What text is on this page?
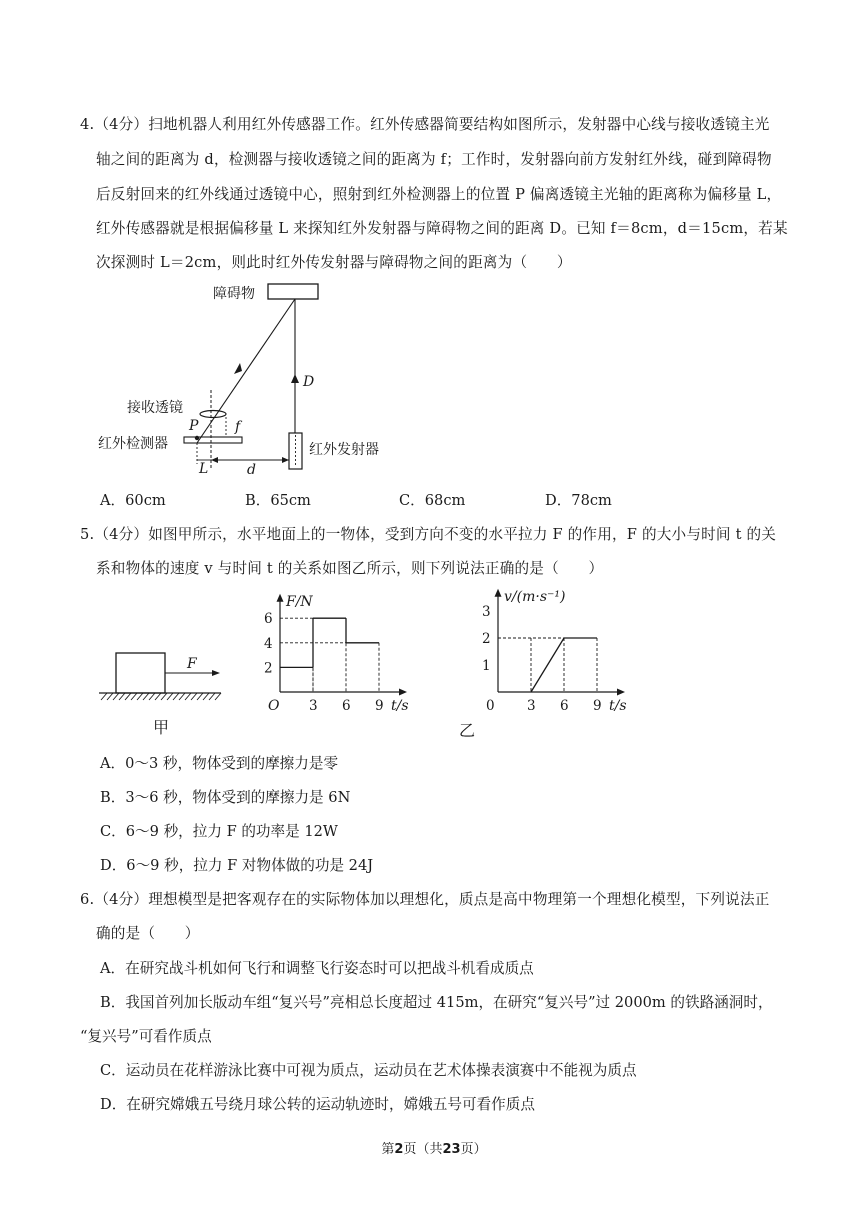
4.（4分）扫地机器人利用红外传感器工作。红外传感器简要结构如图所示，发射器中心线与接收透镜主光
轴之间的距离为 d，检测器与接收透镜之间的距离为 f；工作时，发射器向前方发射红外线，碰到障碍物
后反射回来的红外线通过透镜中心，照射到红外检测器上的位置 P 偏离透镜主光轴的距离称为偏移量 L，
红外传感器就是根据偏移量 L 来探知红外发射器与障碍物之间的距离 D。已知 f＝8cm，d＝15cm，若某
次探测时 L＝2cm，则此时红外传发射器与障碍物之间的距离为（　　）
障碍物
D
接收透镜
P
红外检测器
f
红外发射器
L	d
A．60cm	B．65cm	C．68cm	D．78cm
5.（4分）如图甲所示，水平地面上的一物体，受到方向不变的水平拉力 F 的作用，F 的大小与时间 t 的关
系和物体的速度 v 与时间 t 的关系如图乙所示，则下列说法正确的是（　　）
F
甲
F/N
t/s
O 3 6 9
2
4
6
v/(m·s⁻¹)
t/s
0 3 6 9
1
2
3
乙
A．0～3 秒，物体受到的摩擦力是零
B．3～6 秒，物体受到的摩擦力是 6N
C．6～9 秒，拉力 F 的功率是 12W
D．6～9 秒，拉力 F 对物体做的功是 24J
6.（4分）理想模型是把客观存在的实际物体加以理想化，质点是高中物理第一个理想化模型，下列说法正
确的是（　　）
A．在研究战斗机如何飞行和调整飞行姿态时可以把战斗机看成质点
B．我国首列加长版动车组“复兴号”亮相总长度超过 415m，在研究“复兴号”过 2000m 的铁路涵洞时，
“复兴号”可看作质点
C．运动员在花样游泳比赛中可视为质点，运动员在艺术体操表演赛中不能视为质点
D．在研究嫦娥五号绕月球公转的运动轨迹时，嫦娥五号可看作质点
第2页（共23页）
